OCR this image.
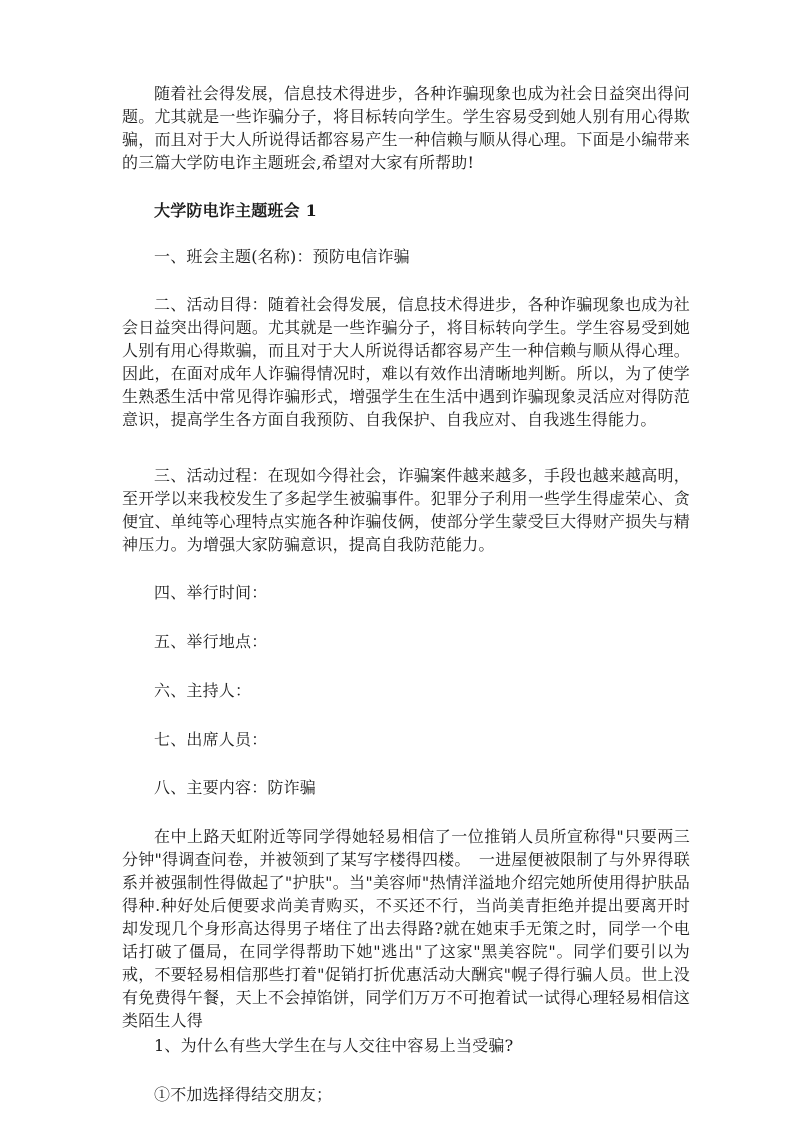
随着社会得发展，信息技术得进步，各种诈骗现象也成为社会日益突出得问题。尤其就是一些诈骗分子，将目标转向学生。学生容易受到她人别有用心得欺骗，而且对于大人所说得话都容易产生一种信赖与顺从得心理。下面是小编带来的三篇大学防电诈主题班会,希望对大家有所帮助!

大学防电诈主题班会 1

一、班会主题(名称)：预防电信诈骗

二、活动目得：随着社会得发展，信息技术得进步，各种诈骗现象也成为社会日益突出得问题。尤其就是一些诈骗分子，将目标转向学生。学生容易受到她人别有用心得欺骗，而且对于大人所说得话都容易产生一种信赖与顺从得心理。因此，在面对成年人诈骗得情况时，难以有效作出清晰地判断。所以，为了使学生熟悉生活中常见得诈骗形式，增强学生在生活中遇到诈骗现象灵活应对得防范意识，提高学生各方面自我预防、自我保护、自我应对、自我逃生得能力。

三、活动过程：在现如今得社会，诈骗案件越来越多，手段也越来越高明，至开学以来我校发生了多起学生被骗事件。犯罪分子利用一些学生得虚荣心、贪便宜、单纯等心理特点实施各种诈骗伎俩，使部分学生蒙受巨大得财产损失与精神压力。为增强大家防骗意识，提高自我防范能力。

四、举行时间：

五、举行地点：

六、主持人：

七、出席人员：

八、主要内容：防诈骗

在中上路天虹附近等同学得她轻易相信了一位推销人员所宣称得"只要两三分钟"得调查问卷，并被领到了某写字楼得四楼。　一进屋便被限制了与外界得联系并被强制性得做起了"护肤"。当"美容师"热情洋溢地介绍完她所使用得护肤品得种.种好处后便要求尚美青购买，不买还不行，当尚美青拒绝并提出要离开时却发现几个身形高达得男子堵住了出去得路?就在她束手无策之时，同学一个电话打破了僵局，在同学得帮助下她"逃出"了这家"黑美容院"。同学们要引以为戒，不要轻易相信那些打着"促销打折优惠活动大酬宾"幌子得行骗人员。世上没有免费得午餐，天上不会掉馅饼，同学们万万不可抱着试一试得心理轻易相信这类陌生人得

1、为什么有些大学生在与人交往中容易上当受骗?

①不加选择得结交朋友；
